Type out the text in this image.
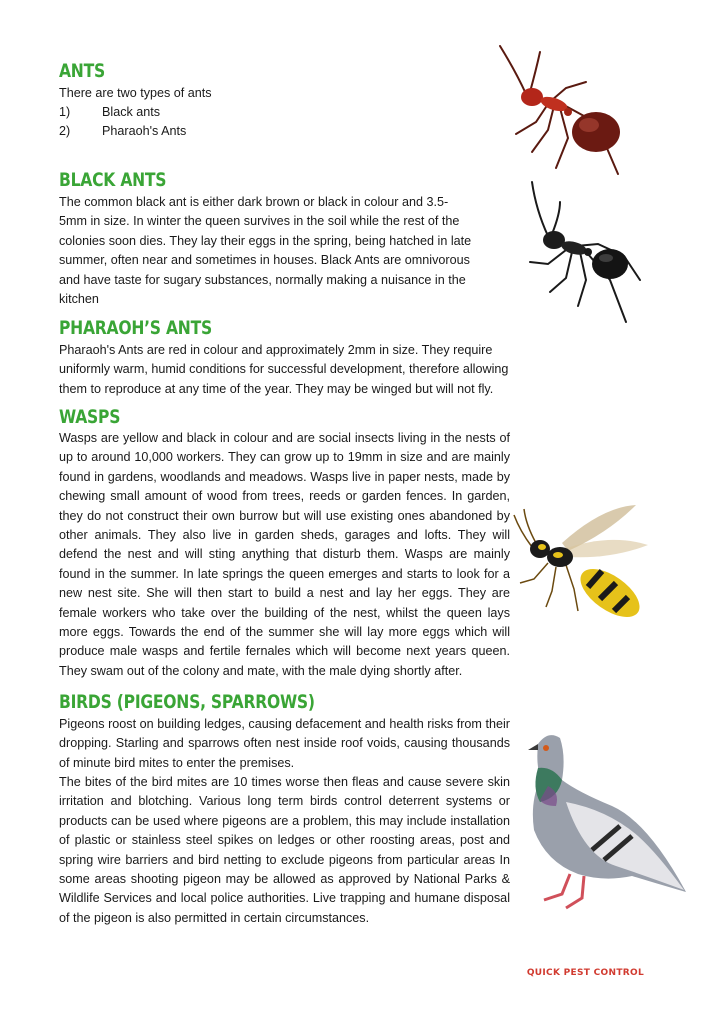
ANTS

There are two types of ants

1)	Black ants
2)	Pharaoh's Ants
BLACK ANTS

The common black ant is either dark brown or black in colour and 3.5-5mm in size. In winter the queen survives in the soil while the rest of the colonies soon dies. They lay their eggs in the spring, being hatched in late summer, often near and sometimes in houses. Black Ants are omnivorous and have taste for sugary substances, normally making a nuisance in the kitchen

PHARAOH’S ANTS

Pharaoh's Ants are red in colour and approximately 2mm in size. They require uniformly warm, humid conditions for successful development, therefore allowing them to reproduce at any time of the year. They may be winged but will not fly.

WASPS

Wasps are yellow and black in colour and are social insects living in the nests of up to around 10,000 workers. They can grow up to 19mm in size and are mainly found in gardens, woodlands and meadows. Wasps live in paper nests, made by chewing small amount of wood from trees, reeds or garden fences. In garden, they do not construct their own burrow but will use existing ones abandoned by other animals. They also live in garden sheds, garages and lofts. They will defend the nest and will sting anything that disturb them. Wasps are mainly found in the summer. In late springs the queen emerges and starts to look for a new nest site. She will then start to build a nest and lay her eggs. They are female workers who take over the building of the nest, whilst the queen lays more eggs. Towards the end of the summer she will lay more eggs which will produce male wasps and fertile fernales which will become next years queen. They swam out of the colony and mate, with the male dying shortly after.

BIRDS (PIGEONS, SPARROWS)

Pigeons roost on building ledges, causing defacement and health risks from their dropping. Starling and sparrows often nest inside roof voids, causing thousands of minute bird mites to enter the premises.

The bites of the bird mites are 10 times worse then fleas and cause severe skin irritation and blotching. Various long term birds control deterrent systems or products can be used where pigeons are a problem, this may include installation of plastic or stainless steel spikes on ledges or other roosting areas, post and spring wire barriers and bird netting to exclude pigeons from particular areas In some areas shooting pigeon may be allowed as approved by National Parks & Wildlife Services and local police authorities. Live trapping and humane disposal of the pigeon is also permitted in certain circumstances.

QUICK PEST CONTROL
